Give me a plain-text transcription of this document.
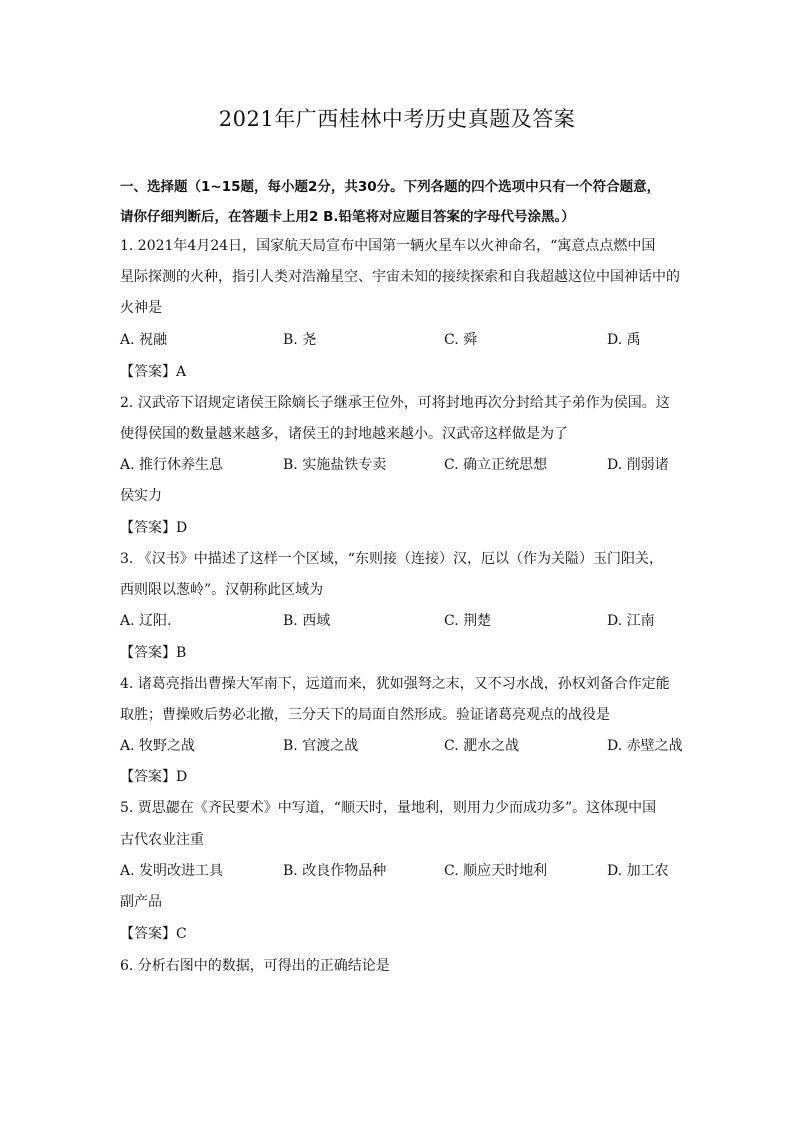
2021年广西桂林中考历史真题及答案
一、选择题（1~15题，每小题2分，共30分。下列各题的四个选项中只有一个符合题意，
请你仔细判断后，在答题卡上用2 B.铅笔将对应题目答案的字母代号涂黑。）
1. 2021年4月24日，国家航天局宣布中国第一辆火星车以火神命名，“寓意点点燃中国
星际探测的火种，指引人类对浩瀚星空、宇宙未知的接续探索和自我超越这位中国神话中的
火神是
A. 祝融	B. 尧	C. 舜	D. 禹
【答案】A
2. 汉武帝下诏规定诸侯王除嫡长子继承王位外，可将封地再次分封给其子弟作为侯国。这
使得侯国的数量越来越多，诸侯王的封地越来越小。汉武帝这样做是为了
A. 推行休养生息	B. 实施盐铁专卖	C. 确立正统思想	D. 削弱诸
侯实力
【答案】D
3. 《汉书》中描述了这样一个区域，“东则接（连接）汉，厄以（作为关隘）玉门阳关，
西则限以葱岭”。汉朝称此区域为
A. 辽阳.	B. 西域	C. 荆楚	D. 江南
【答案】B
4. 诸葛亮指出曹操大军南下，远道而来，犹如强弩之末，又不习水战，孙权刘备合作定能
取胜；曹操败后势必北撤，三分天下的局面自然形成。验证诸葛亮观点的战役是
A. 牧野之战	B. 官渡之战	C. 淝水之战	D. 赤壁之战
【答案】D
5. 贾思勰在《齐民要术》中写道，“顺天时，量地利，则用力少而成功多”。这体现中国
古代农业注重
A. 发明改进工具	B. 改良作物品种	C. 顺应天时地利	D. 加工农
副产品
【答案】C
6. 分析右图中的数据，可得出的正确结论是
